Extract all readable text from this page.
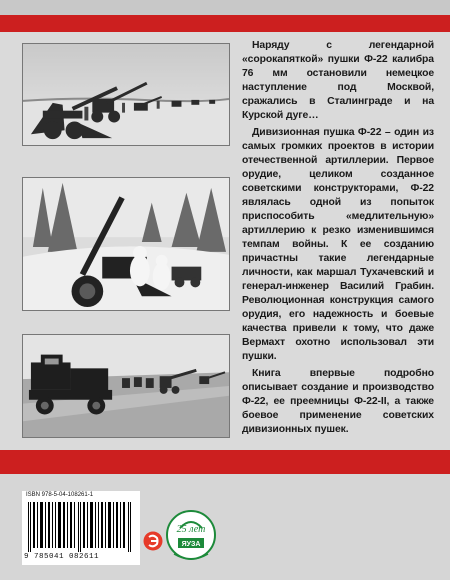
Наряду с легендарной «сорокапяткой» пушки Ф-22 калибра 76 мм остановили немецкое наступление под Москвой, сражались в Сталинграде и на Курской дуге…

Дивизионная пушка Ф-22 – один из самых громких проектов в истории отечественной артиллерии. Первое орудие, целиком созданное советскими конструкторами, Ф-22 являлась одной из попыток приспособить «медлительную» артиллерию к резко изменившимся темпам войны. К ее созданию причастны такие легендарные личности, как маршал Тухачевский и генерал-инженер Василий Грабин. Революционная конструкция самого орудия, его надежность и боевые качества привели к тому, что даже Вермахт охотно использовал эти пушки.

Книга впервые подробно описывает создание и производство Ф-22, ее преемницы Ф-22-II, а также боевое применение советских дивизионных пушек.

ISBN 978-5-04-108261-1
9 785041 082611
25 лет
ЯУЗА
